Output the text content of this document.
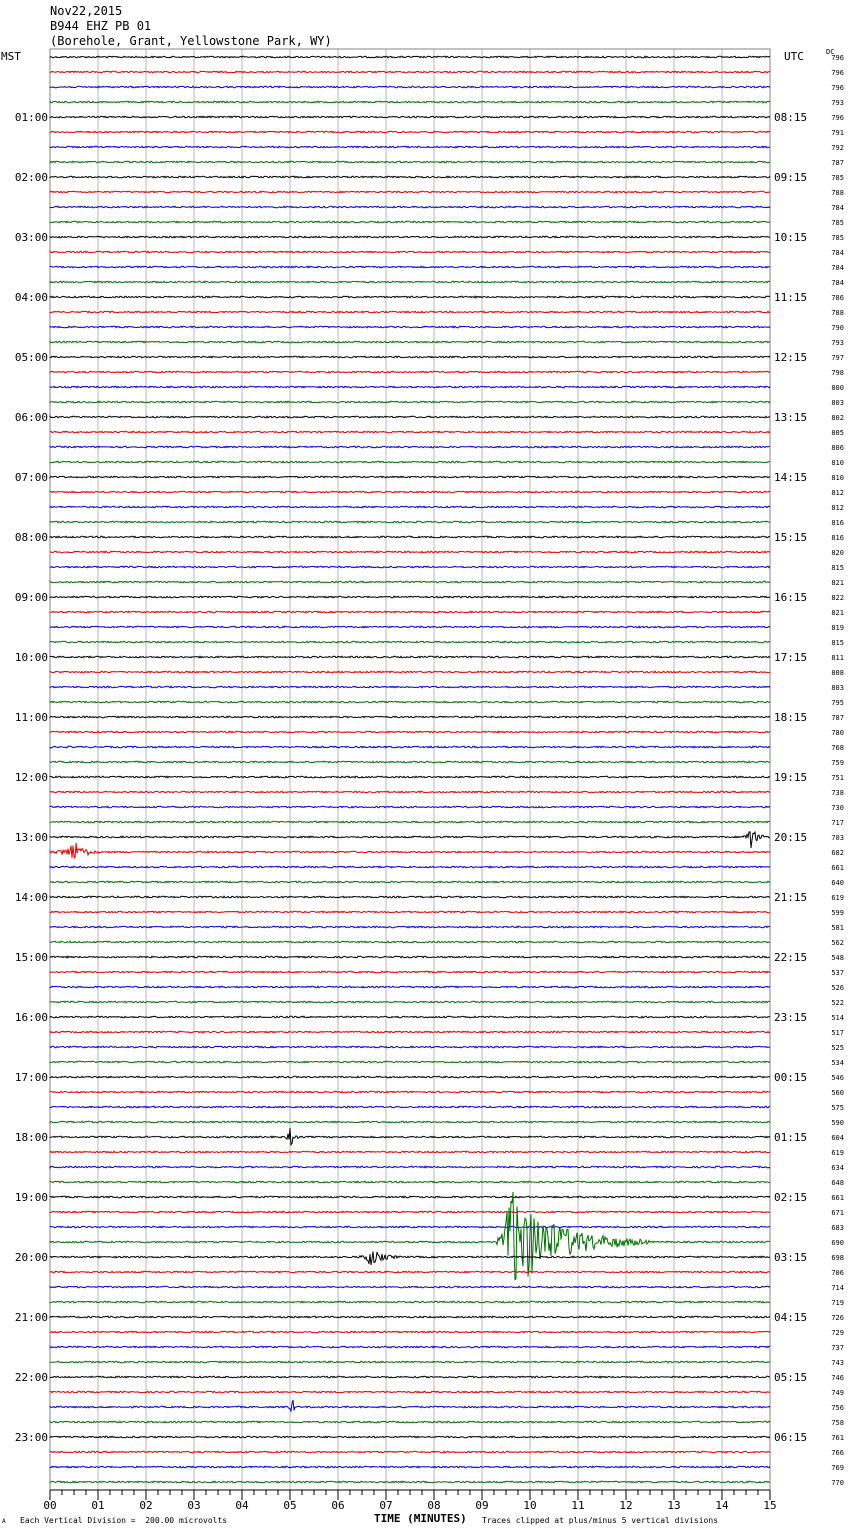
Nov22,2015
B944 EHZ PB 01
(Borehole, Grant, Yellowstone Park, WY)
MST	UTC	DC
796
796
796
793
796
791
792
787
785
788
784
785
785
784
784
784
786
788
790
793
797
798
800
803
802
805
806
810
810
812
812
816
816
820
815
821
822
821
819
815
811
808
803
795
787
780
768
759
751
738
730
717
703
682
661
640
619
599
581
562
548
537
526
522
514
517
525
534
546
560
575
590
604
619
634
648
661
671
683
690
698
706
714
719
726
729
737
743
746
749
756
758
761
766
769
770
01:00
02:00
03:00
04:00
05:00
06:00
07:00
08:00
09:00
10:00
11:00
12:00
13:00
14:00
15:00
16:00
17:00
18:00
19:00
20:00
21:00
22:00
23:00
08:15
09:15
10:15
11:15
12:15
13:15
14:15
15:15
16:15
17:15
18:15
19:15
20:15
21:15
22:15
23:15
00:15
01:15
02:15
03:15
04:15
05:15
06:15
00	01	02	03	04	05	06	07	08	09	10	11	12	13	14	15
A Each Vertical Division =  200.00 microvolts	TIME (MINUTES) Traces clipped at plus/minus 5 vertical divisions
